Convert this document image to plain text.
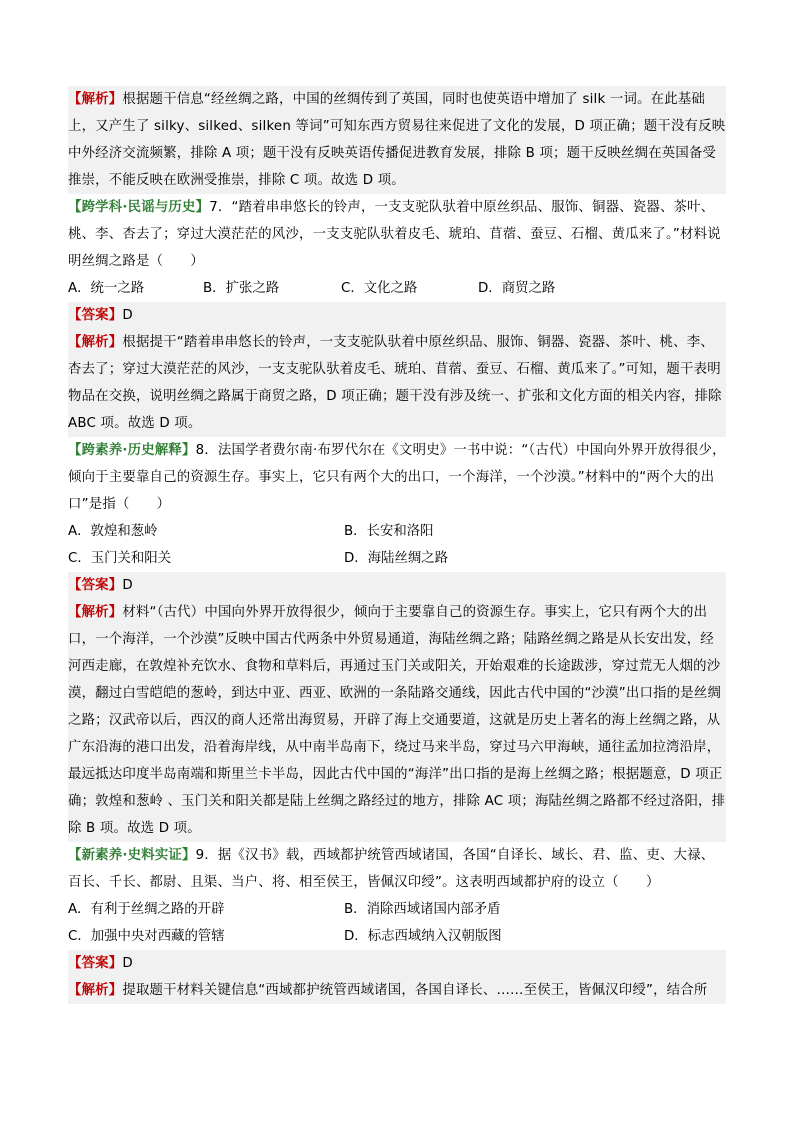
【解析】根据题干信息“经丝绸之路，中国的丝绸传到了英国，同时也使英语中增加了 silk 一词。在此基础上，又产生了 silky、silked、silken 等词”可知东西方贸易往来促进了文化的发展，D 项正确；题干没有反映中外经济交流频繁，排除 A 项；题干没有反映英语传播促进教育发展，排除 B 项；题干反映丝绸在英国备受推崇，不能反映在欧洲受推崇，排除 C 项。故选 D 项。
【跨学科·民谣与历史】7．“踏着串串悠长的铃声，一支支驼队驮着中原丝织品、服饰、铜器、瓷器、茶叶、桃、李、杏去了；穿过大漠茫茫的风沙，一支支驼队驮着皮毛、琥珀、苜蓿、蚕豆、石榴、黄瓜来了。”材料说明丝绸之路是（　　）
A．统一之路	B．扩张之路	C．文化之路	D．商贸之路
【答案】D
【解析】根据提干“踏着串串悠长的铃声，一支支驼队驮着中原丝织品、服饰、铜器、瓷器、茶叶、桃、李、杏去了；穿过大漠茫茫的风沙，一支支驼队驮着皮毛、琥珀、苜蓿、蚕豆、石榴、黄瓜来了。”可知，题干表明物品在交换，说明丝绸之路属于商贸之路，D 项正确；题干没有涉及统一、扩张和文化方面的相关内容，排除 ABC 项。故选 D 项。
【跨素养·历史解释】8．法国学者费尔南·布罗代尔在《文明史》一书中说：“（古代）中国向外界开放得很少，倾向于主要靠自己的资源生存。事实上，它只有两个大的出口，一个海洋，一个沙漠。”材料中的“两个大的出口”是指（　　）
A．敦煌和葱岭	B．长安和洛阳
C．玉门关和阳关	D．海陆丝绸之路
【答案】D
【解析】材料“（古代）中国向外界开放得很少，倾向于主要靠自己的资源生存。事实上，它只有两个大的出口，一个海洋，一个沙漠”反映中国古代两条中外贸易通道，海陆丝绸之路；陆路丝绸之路是从长安出发，经河西走廊，在敦煌补充饮水、食物和草料后，再通过玉门关或阳关，开始艰难的长途跋涉，穿过荒无人烟的沙漠，翻过白雪皑皑的葱岭，到达中亚、西亚、欧洲的一条陆路交通线，因此古代中国的“沙漠”出口指的是丝绸之路；汉武帝以后，西汉的商人还常出海贸易，开辟了海上交通要道，这就是历史上著名的海上丝绸之路，从广东沿海的港口出发，沿着海岸线，从中南半岛南下，绕过马来半岛，穿过马六甲海峡，通往孟加拉湾沿岸，最远抵达印度半岛南端和斯里兰卡半岛，因此古代中国的“海洋”出口指的是海上丝绸之路；根据题意，D 项正确；敦煌和葱岭 、玉门关和阳关都是陆上丝绸之路经过的地方，排除 AC 项；海陆丝绸之路都不经过洛阳，排除 B 项。故选 D 项。
【新素养·史料实证】9．据《汉书》载，西域都护统管西域诸国，各国“自译长、域长、君、监、吏、大禄、百长、千长、都尉、且渠、当户、将、相至侯王，皆佩汉印绶”。这表明西域都护府的设立（　　）
A．有利于丝绸之路的开辟	B．消除西域诸国内部矛盾
C．加强中央对西藏的管辖	D．标志西域纳入汉朝版图
【答案】D
【解析】提取题干材料关键信息“西域都护统管西域诸国，各国自译长、……至侯王，皆佩汉印绶”，结合所
